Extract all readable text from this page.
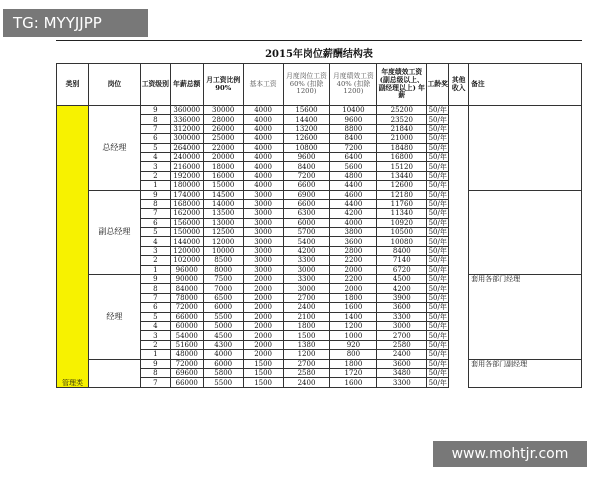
2015年岗位薪酬结构表
类别	岗位	工资级别	年薪总额	月工资比例90%	基本工资	月度岗位工资 60% (扣除1200)	月度绩效工资 40% (扣除1200)	年度绩效工资 (副总级以上、副经理以上) 年薪	工龄奖	其他收入	备注
管理类	总经理	9	360000	30000	4000	15600	10400	25200	50/年		
		8	336000	28000	4000	14400	9600	23520	50/年		
		7	312000	26000	4000	13200	8800	21840	50/年		
		6	300000	25000	4000	12600	8400	21000	50/年		
		5	264000	22000	4000	10800	7200	18480	50/年		
		4	240000	20000	4000	9600	6400	16800	50/年		
		3	216000	18000	4000	8400	5600	15120	50/年		
		2	192000	16000	4000	7200	4800	13440	50/年		
		1	180000	15000	4000	6600	4400	12600	50/年		
	副总经理	9	174000	14500	3000	6900	4600	12180	50/年		
		8	168000	14000	3000	6600	4400	11760	50/年		
		7	162000	13500	3000	6300	4200	11340	50/年		
		6	156000	13000	3000	6000	4000	10920	50/年		
		5	150000	12500	3000	5700	3800	10500	50/年		
		4	144000	12000	3000	5400	3600	10080	50/年		
		3	120000	10000	3000	4200	2800	8400	50/年		
		2	102000	8500	3000	3300	2200	7140	50/年		
		1	96000	8000	3000	3000	2000	6720	50/年		
	经理	9	90000	7500	2000	3300	2200	4500	50/年		套用各部门经理
		8	84000	7000	2000	3000	2000	4200	50/年		
		7	78000	6500	2000	2700	1800	3900	50/年		
		6	72000	6000	2000	2400	1600	3600	50/年		
		5	66000	5500	2000	2100	1400	3300	50/年		
		4	60000	5000	2000	1800	1200	3000	50/年		
		3	54000	4500	2000	1500	1000	2700	50/年		
		2	51600	4300	2000	1380	920	2580	50/年		
		1	48000	4000	2000	1200	800	2400	50/年		
		9	72000	6000	1500	2700	1800	3600	50/年		套用各部门副经理
		8	69600	5800	1500	2580	1720	3480	50/年		
		7	66000	5500	1500	2400	1600	3300	50/年		
TG: MYYJJPP
www.mohtjr.com
